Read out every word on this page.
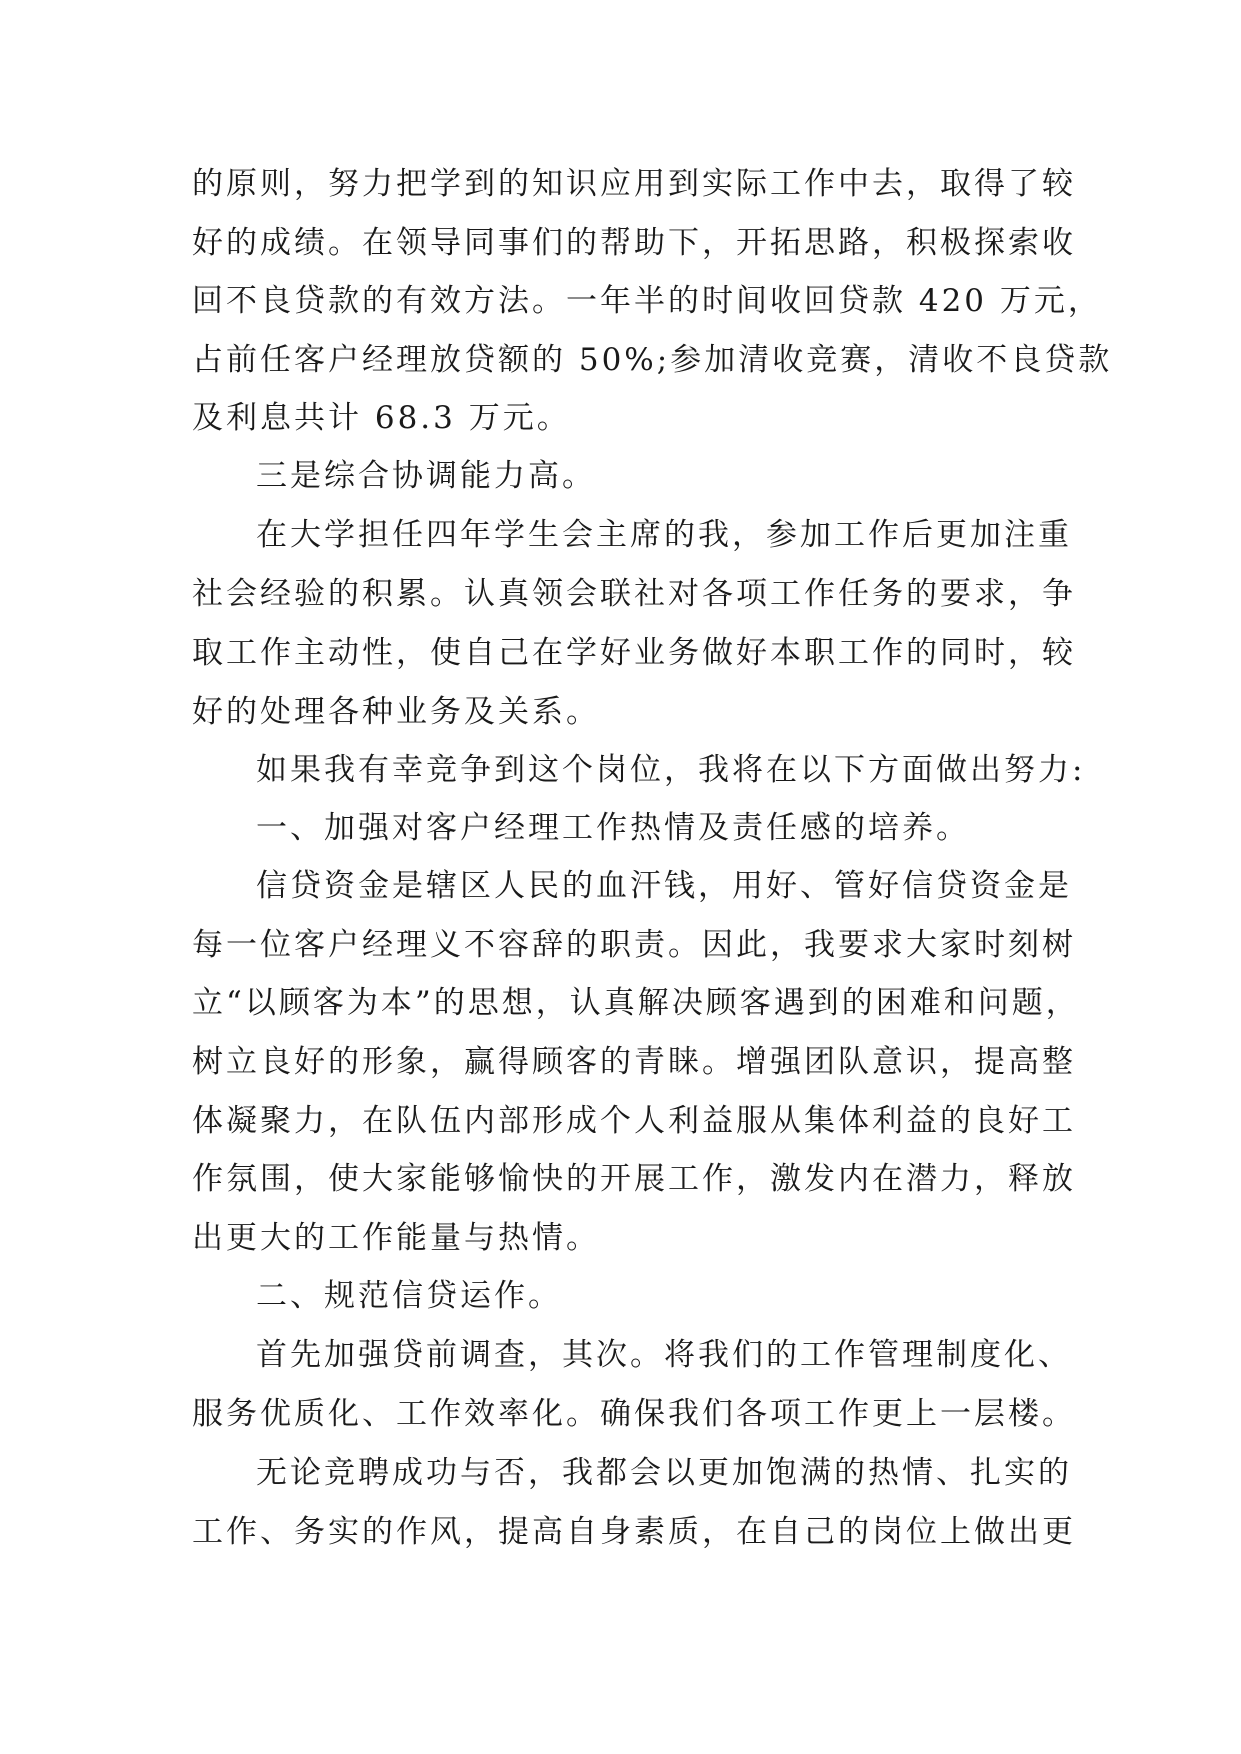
的原则，努力把学到的知识应用到实际工作中去，取得了较
好的成绩。在领导同事们的帮助下，开拓思路，积极探索收
回不良贷款的有效方法。一年半的时间收回贷款 420 万元，
占前任客户经理放贷额的 50%;参加清收竞赛，清收不良贷款
及利息共计 68.3 万元。
三是综合协调能力高。
在大学担任四年学生会主席的我，参加工作后更加注重
社会经验的积累。认真领会联社对各项工作任务的要求，争
取工作主动性，使自己在学好业务做好本职工作的同时，较
好的处理各种业务及关系。
如果我有幸竞争到这个岗位，我将在以下方面做出努力:
一、加强对客户经理工作热情及责任感的培养。
信贷资金是辖区人民的血汗钱，用好、管好信贷资金是
每一位客户经理义不容辞的职责。因此，我要求大家时刻树
立“以顾客为本”的思想，认真解决顾客遇到的困难和问题，
树立良好的形象，赢得顾客的青睐。增强团队意识，提高整
体凝聚力，在队伍内部形成个人利益服从集体利益的良好工
作氛围，使大家能够愉快的开展工作，激发内在潜力，释放
出更大的工作能量与热情。
二、规范信贷运作。
首先加强贷前调查，其次。将我们的工作管理制度化、
服务优质化、工作效率化。确保我们各项工作更上一层楼。
无论竞聘成功与否，我都会以更加饱满的热情、扎实的
工作、务实的作风，提高自身素质，在自己的岗位上做出更
